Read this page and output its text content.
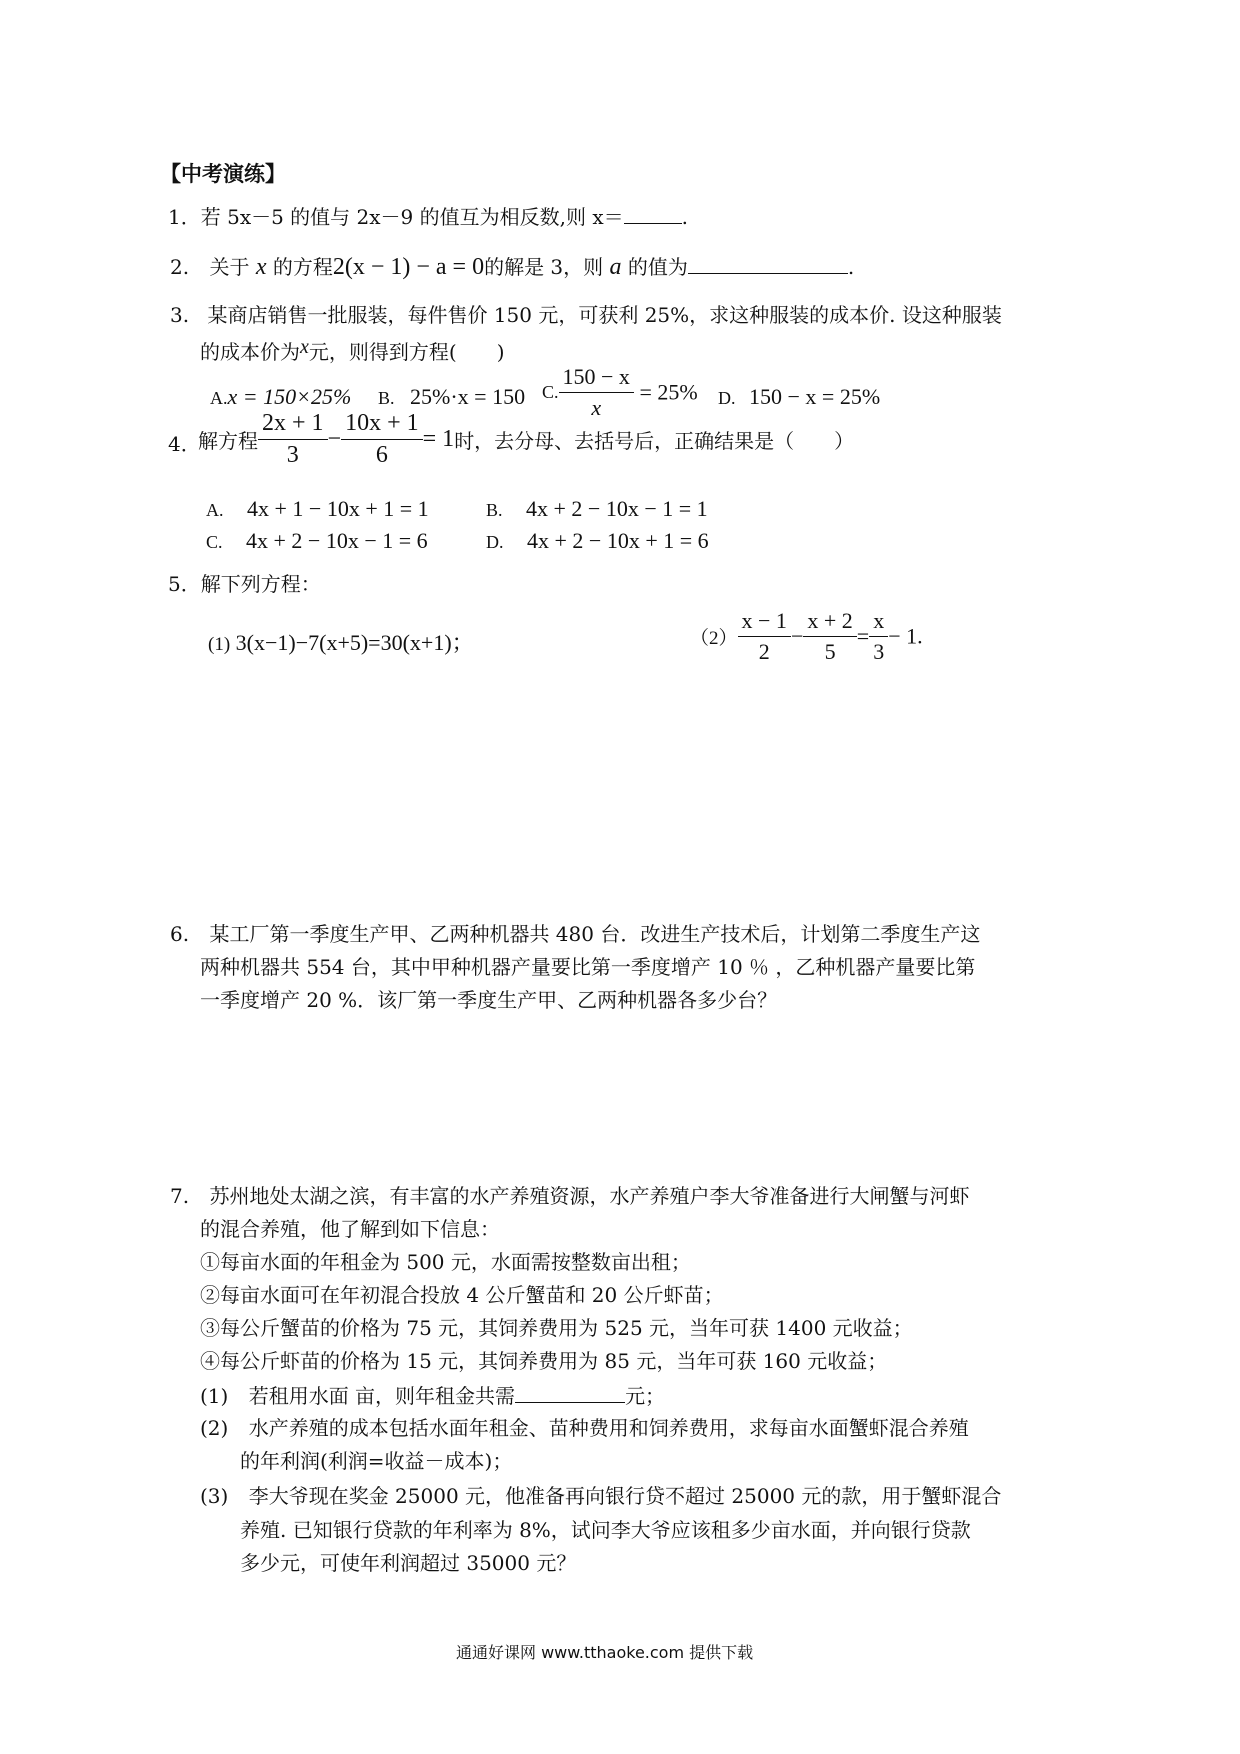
【中考演练】
1．若 5x－5 的值与 2x－9 的值互为相反数,则 x＝	.
2. 关于 x 的方程2(x − 1) − a = 0的解是 3，则 a 的值为	.
3. 某商店销售一批服装，每件售价 150 元，可获利 25%，求这种服装的成本价. 设这种服装
的成本价为x元，则得到方程(　　)
A.x = 150×25% B. 25%·x = 150 C. $\frac{150 - x}{x} = 25\%$ D. 150 − x = 25%
4．
解方程 $\frac{2x + 1}{3} - \frac{10x + 1}{6} = 1$时，去分母、去括号后，正确结果是（　　）
A. 4x + 1 − 10x + 1 = 1	B. 4x + 2 − 10x − 1 = 1
C. 4x + 2 − 10x − 1 = 6	D. 4x + 2 − 10x + 1 = 6
5．解下列方程：
(1) 3(x−1)−7(x+5)=30(x+1)；	$(2) \frac{x - 1}{2} - \frac{x + 2}{5} = \frac{x}{3} - 1$.
6. 某工厂第一季度生产甲、乙两种机器共 480 台．改进生产技术后，计划第二季度生产这
两种机器共 554 台，其中甲种机器产量要比第一季度增产 10 ％ ，乙种机器产量要比第
一季度增产 20 %．该厂第一季度生产甲、乙两种机器各多少台？
7. 苏州地处太湖之滨，有丰富的水产养殖资源，水产养殖户李大爷准备进行大闸蟹与河虾
的混合养殖，他了解到如下信息：
①每亩水面的年租金为 500 元，水面需按整数亩出租；
②每亩水面可在年初混合投放 4 公斤蟹苗和 20 公斤虾苗；
③每公斤蟹苗的价格为 75 元，其饲养费用为 525 元，当年可获 1400 元收益；
④每公斤虾苗的价格为 15 元，其饲养费用为 85 元，当年可获 160 元收益；
(1) 若租用水面 亩，则年租金共需	元；
(2) 水产养殖的成本包括水面年租金、苗种费用和饲养费用，求每亩水面蟹虾混合养殖
的年利润(利润=收益－成本)；
(3) 李大爷现在奖金 25000 元，他准备再向银行贷不超过 25000 元的款，用于蟹虾混合
养殖. 已知银行贷款的年利率为 8%，试问李大爷应该租多少亩水面，并向银行贷款
多少元，可使年利润超过 35000 元？
通通好课网 www.tthaoke.com 提供下载
